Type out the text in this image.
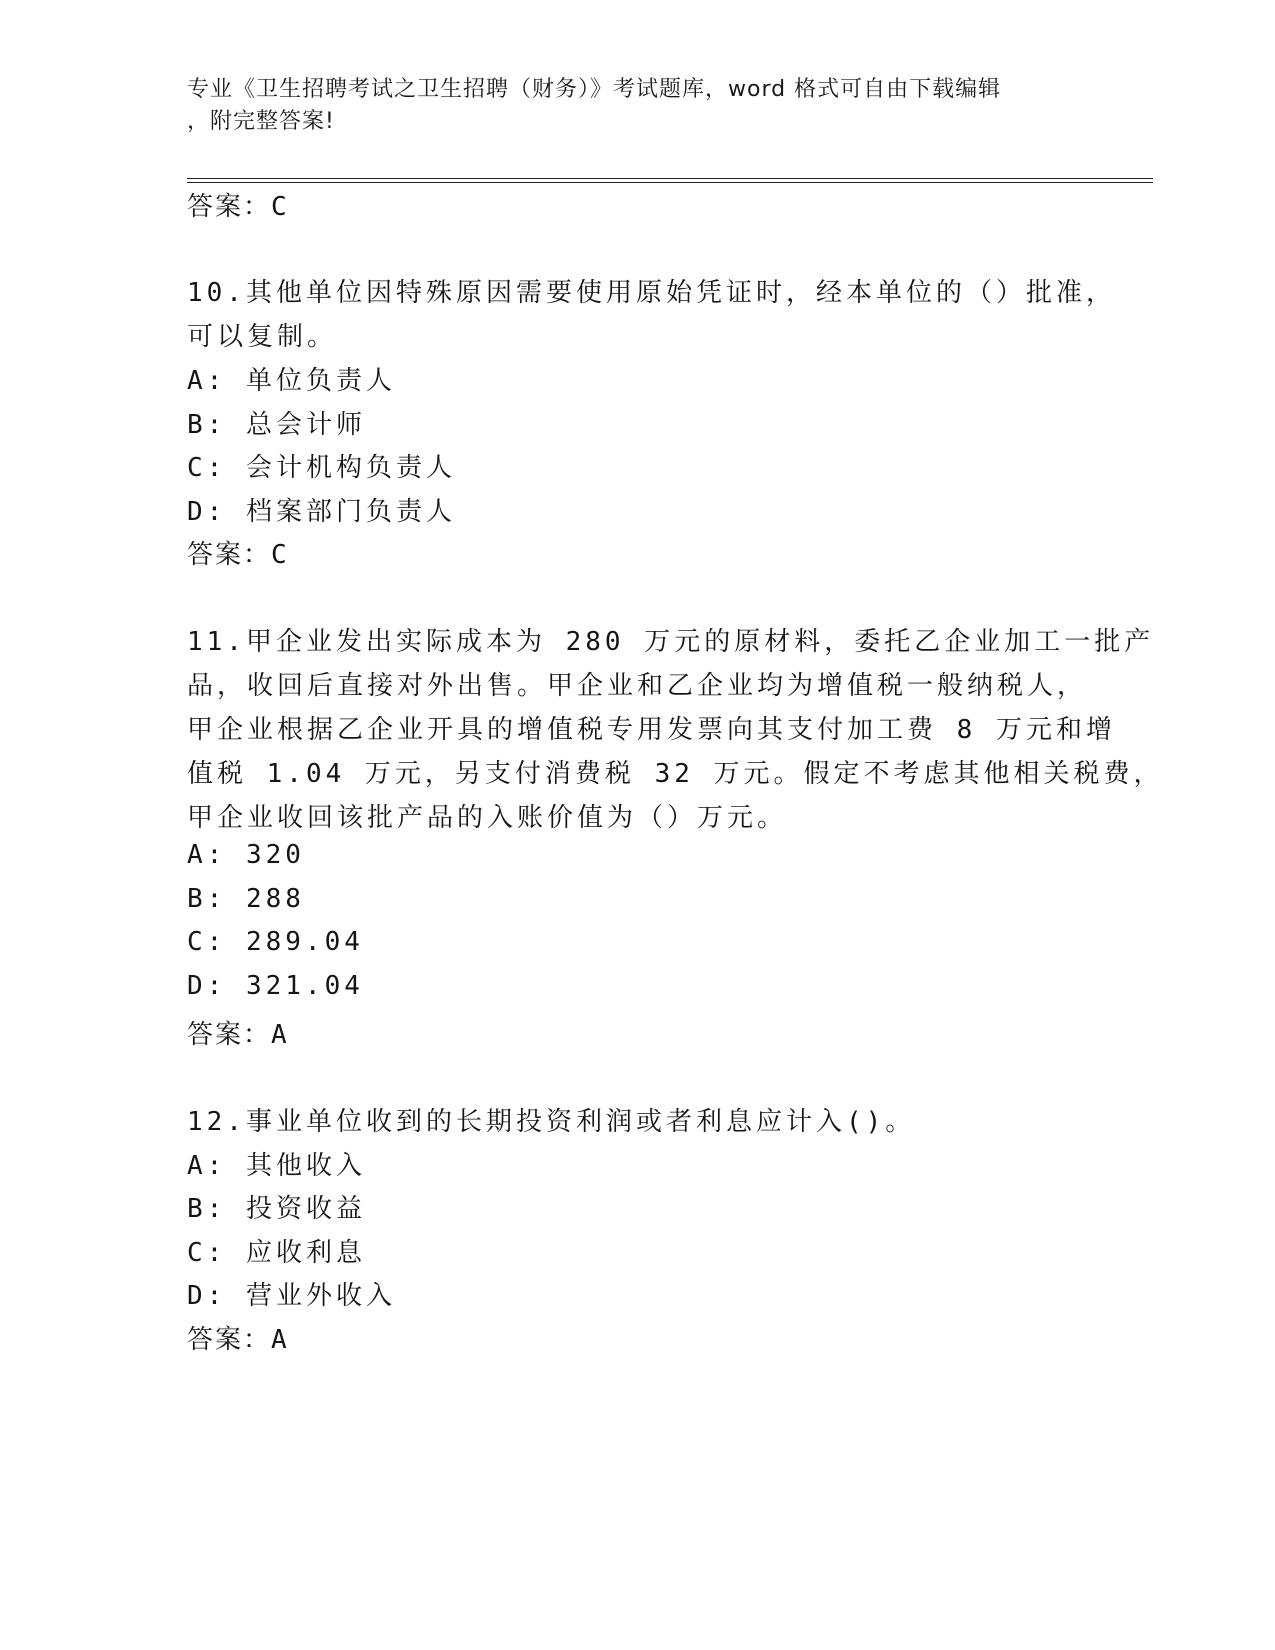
专业《卫生招聘考试之卫生招聘（财务）》考试题库，word 格式可自由下载编辑
，附完整答案!
答案：C
10.其他单位因特殊原因需要使用原始凭证时，经本单位的（）批准，
可以复制。
A: 单位负责人
B: 总会计师
C: 会计机构负责人
D: 档案部门负责人
答案：C
11.甲企业发出实际成本为 280 万元的原材料，委托乙企业加工一批产
品，收回后直接对外出售。甲企业和乙企业均为增值税一般纳税人，
甲企业根据乙企业开具的增值税专用发票向其支付加工费 8 万元和增
值税 1.04 万元，另支付消费税 32 万元。假定不考虑其他相关税费，
甲企业收回该批产品的入账价值为（）万元。
A: 320
B: 288
C: 289.04
D: 321.04
答案：A
12.事业单位收到的长期投资利润或者利息应计入()。
A: 其他收入
B: 投资收益
C: 应收利息
D: 营业外收入
答案：A
